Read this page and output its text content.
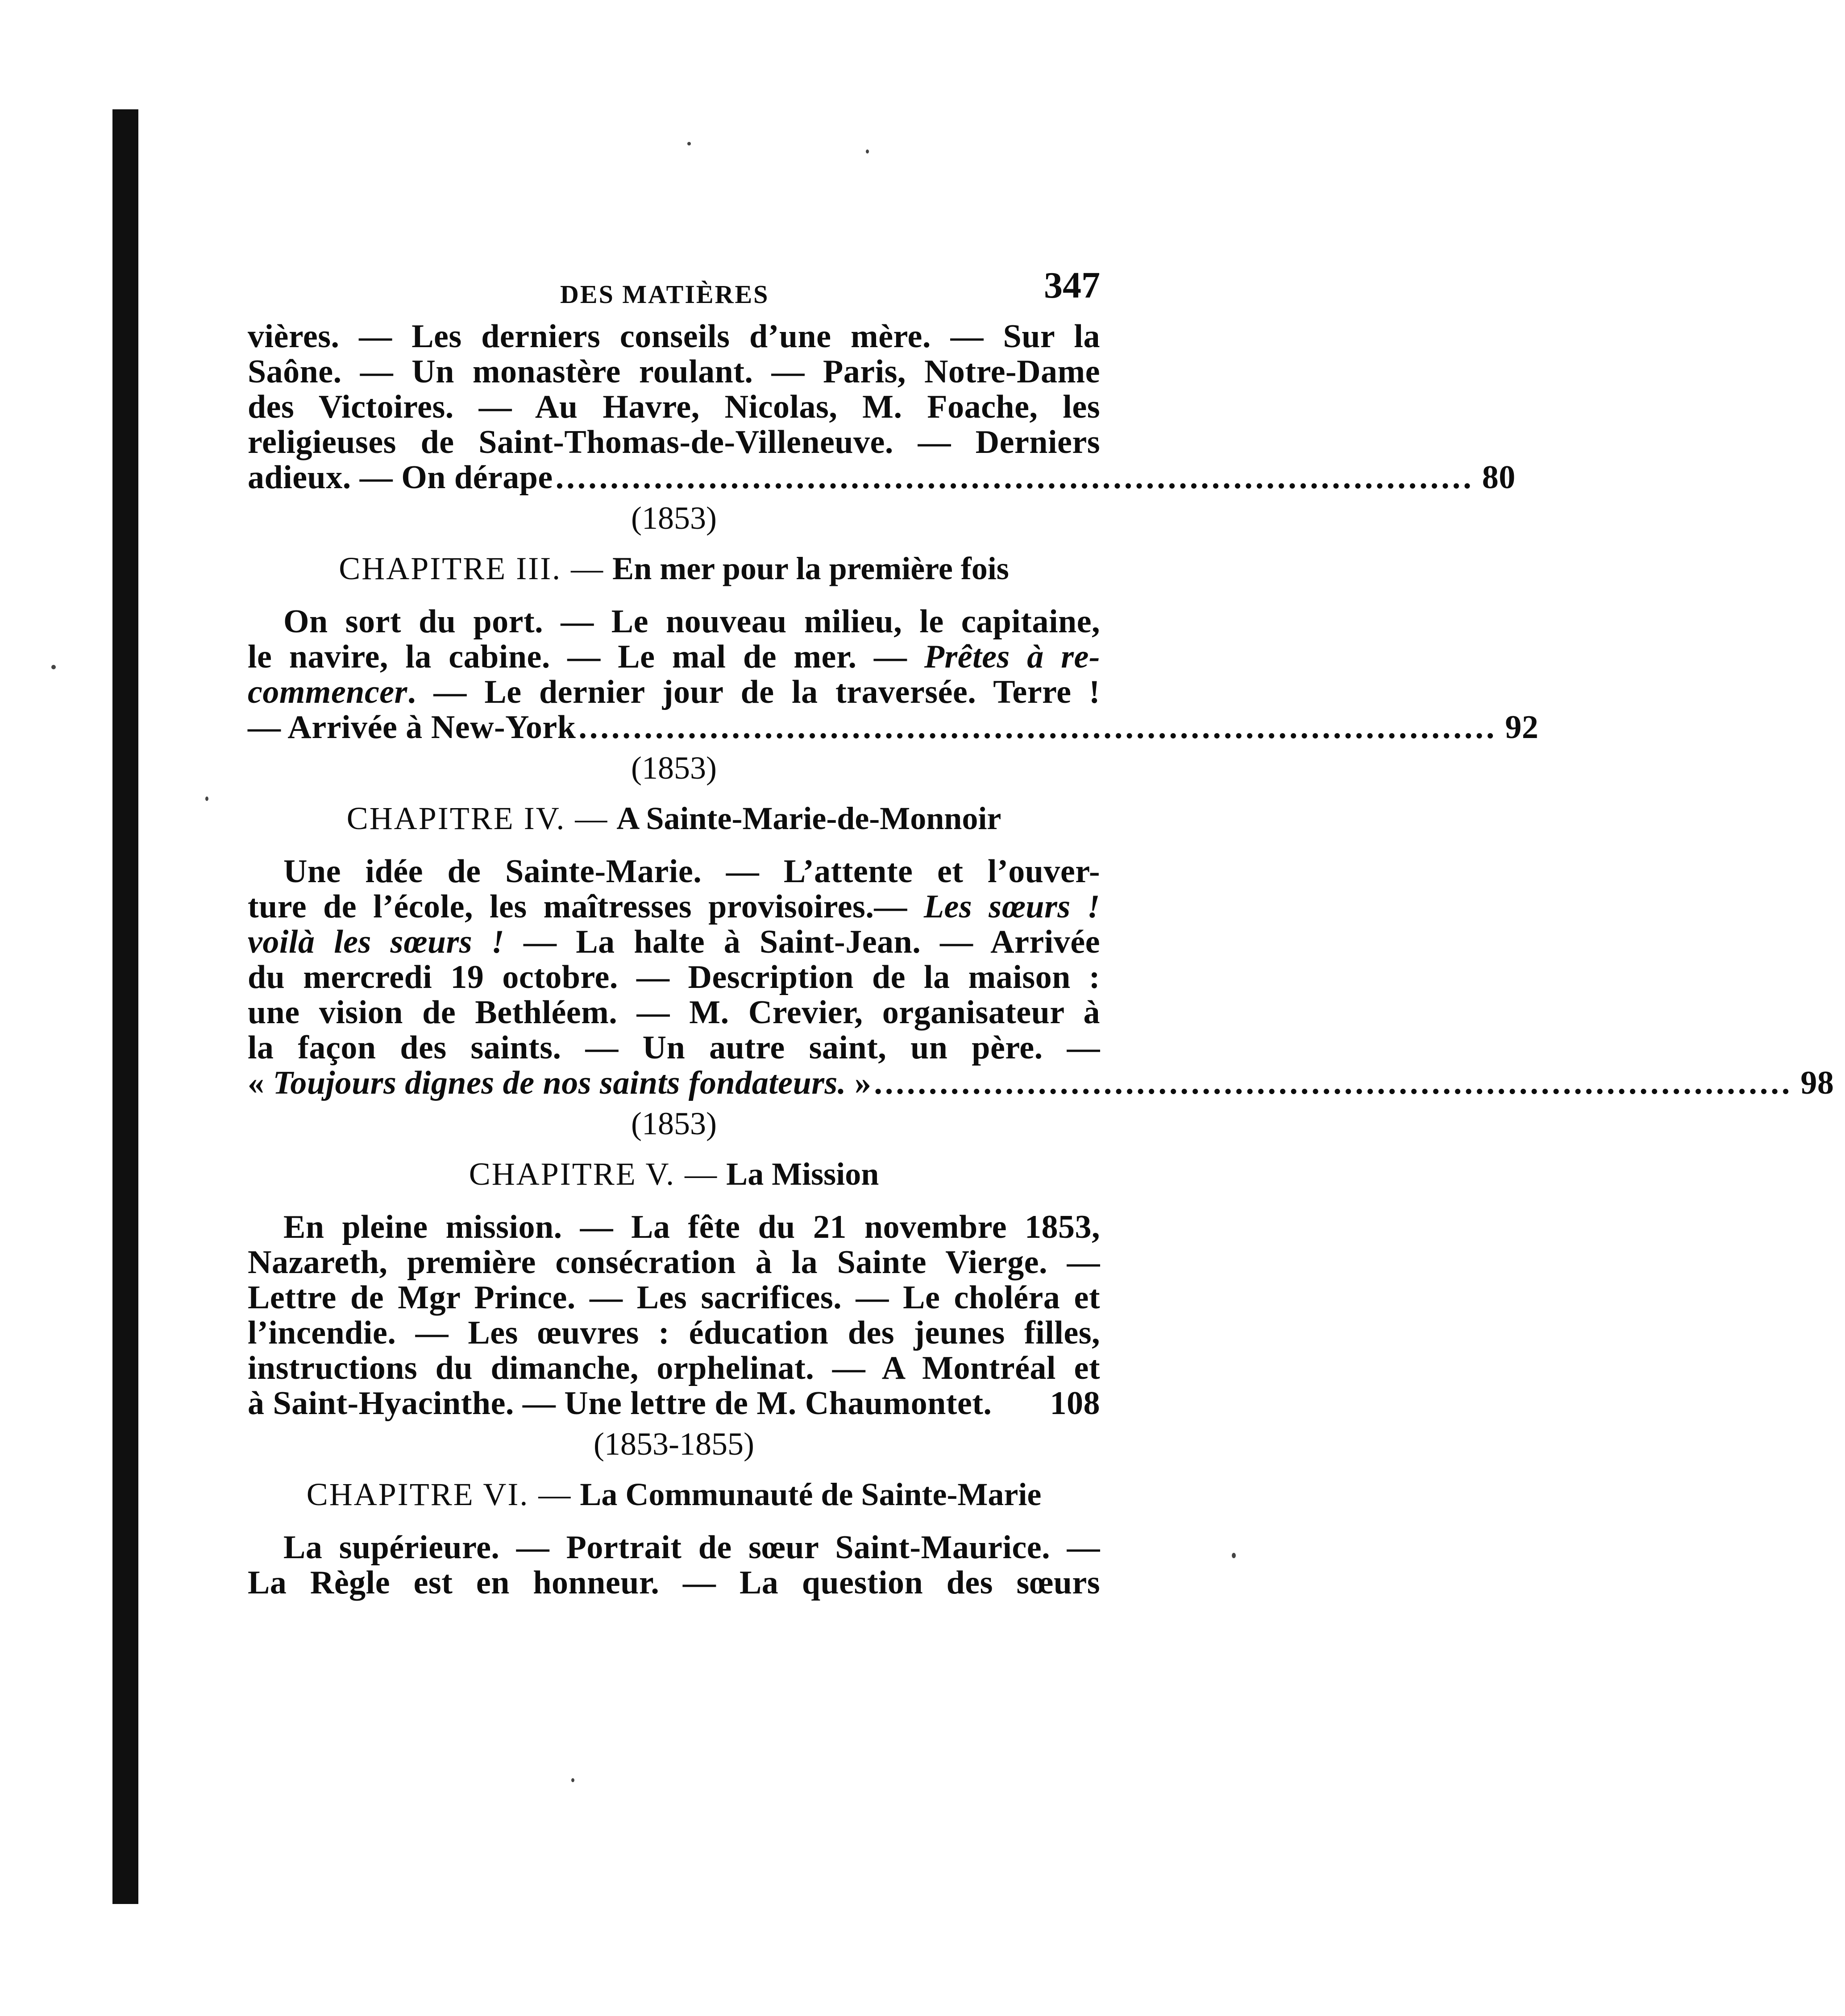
DES MATIÈRES	347
vières. — Les derniers conseils d’une mère. — Sur la
Saône. — Un monastère roulant. — Paris, Notre-Dame
des Victoires. — Au Havre, Nicolas, M. Foache, les
religieuses de Saint-Thomas-de-Villeneuve. — Derniers
adieux. — On dérape .................................................................................... 80
(1853)
CHAPITRE III. — En mer pour la première fois
On sort du port. — Le nouveau milieu, le capitaine,
le navire, la cabine. — Le mal de mer. — Prêtes à re-
commencer. — Le dernier jour de la traversée. Terre !
— Arrivée à New-York .................................................................................... 92
(1853)
CHAPITRE IV. — A Sainte-Marie-de-Monnoir
Une idée de Sainte-Marie. — L’attente et l’ouver-
ture de l’école, les maîtresses provisoires.— Les sœurs !
voilà les sœurs ! — La halte à Saint-Jean. — Arrivée
du mercredi 19 octobre. — Description de la maison :
une vision de Bethléem. — M. Crevier, organisateur à
la façon des saints. — Un autre saint, un père. —
« Toujours dignes de nos saints fondateurs. » .................................................................................... 98
(1853)
CHAPITRE V. — La Mission
En pleine mission. — La fête du 21 novembre 1853,
Nazareth, première consécration à la Sainte Vierge. —
Lettre de Mgr Prince. — Les sacrifices. — Le choléra et
l’incendie. — Les œuvres : éducation des jeunes filles,
instructions du dimanche, orphelinat. — A Montréal et
à Saint-Hyacinthe. — Une lettre de M. Chaumontet. 108
(1853-1855)
CHAPITRE VI. — La Communauté de Sainte-Marie
La supérieure. — Portrait de sœur Saint-Maurice. —
La Règle est en honneur. — La question des sœurs
